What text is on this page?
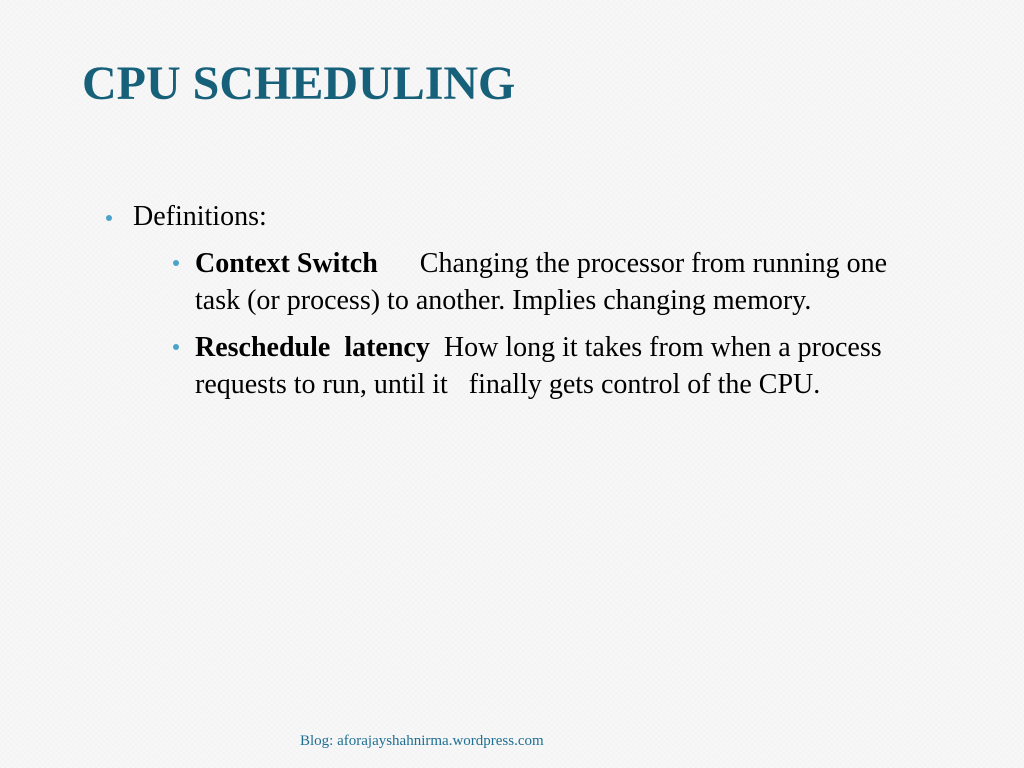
CPU SCHEDULING
Definitions:
Context Switch Changing the processor from running one task (or process) to another. Implies changing memory.
Reschedule  latency How long it takes from when a process requests to run, until it   finally gets control of the CPU.
Blog: aforajayshahnirma.wordpress.com
